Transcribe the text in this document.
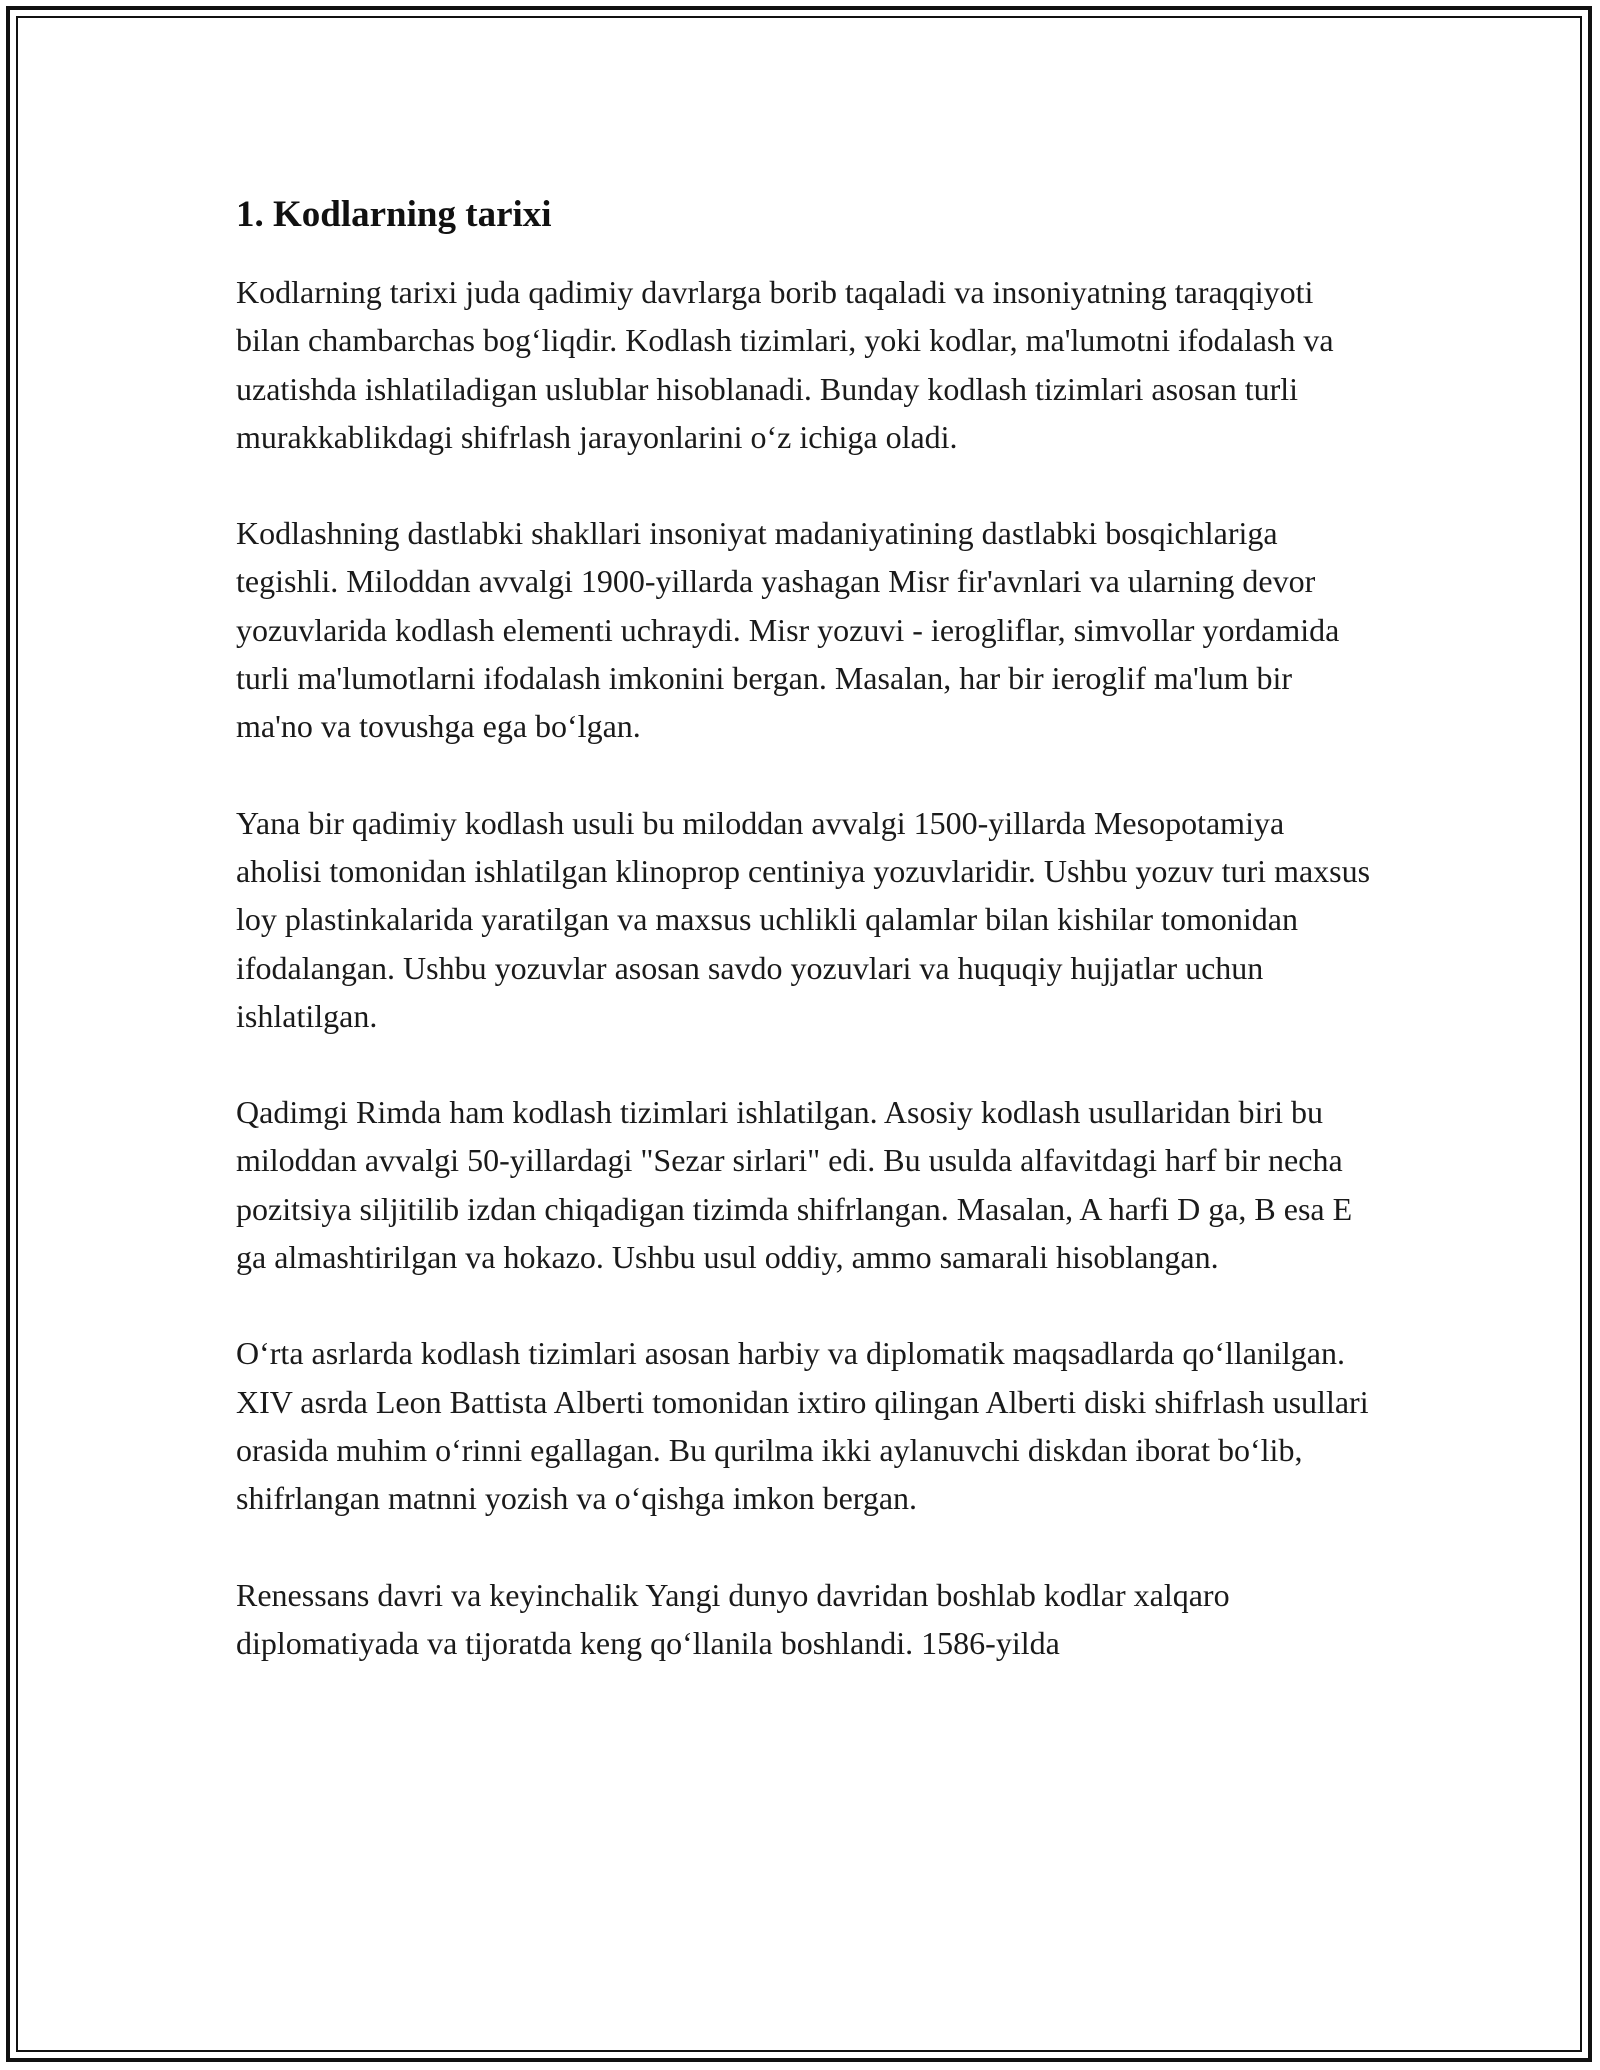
1. Kodlarning tarixi

Kodlarning tarixi juda qadimiy davrlarga borib taqaladi va insoniyatning taraqqiyoti bilan chambarchas bog‘liqdir. Kodlash tizimlari, yoki kodlar, ma'lumotni ifodalash va uzatishda ishlatiladigan uslublar hisoblanadi. Bunday kodlash tizimlari asosan turli murakkablikdagi shifrlash jarayonlarini o‘z ichiga oladi.

Kodlashning dastlabki shakllari insoniyat madaniyatining dastlabki bosqichlariga tegishli. Miloddan avvalgi 1900-yillarda yashagan Misr fir'avnlari va ularning devor yozuvlarida kodlash elementi uchraydi. Misr yozuvi - ierogliflar, simvollar yordamida turli ma'lumotlarni ifodalash imkonini bergan. Masalan, har bir ieroglif ma'lum bir ma'no va tovushga ega bo‘lgan.

Yana bir qadimiy kodlash usuli bu miloddan avvalgi 1500-yillarda Mesopotamiya aholisi tomonidan ishlatilgan klinoprop centiniya yozuvlaridir. Ushbu yozuv turi maxsus loy plastinkalarida yaratilgan va maxsus uchlikli qalamlar bilan kishilar tomonidan ifodalangan. Ushbu yozuvlar asosan savdo yozuvlari va huquqiy hujjatlar uchun ishlatilgan.

Qadimgi Rimda ham kodlash tizimlari ishlatilgan. Asosiy kodlash usullaridan biri bu miloddan avvalgi 50-yillardagi "Sezar sirlari" edi. Bu usulda alfavitdagi harf bir necha pozitsiya siljitilib izdan chiqadigan tizimda shifrlangan. Masalan, A harfi D ga, B esa E ga almashtirilgan va hokazo. Ushbu usul oddiy, ammo samarali hisoblangan.

O‘rta asrlarda kodlash tizimlari asosan harbiy va diplomatik maqsadlarda qo‘llanilgan. XIV asrda Leon Battista Alberti tomonidan ixtiro qilingan Alberti diski shifrlash usullari orasida muhim o‘rinni egallagan. Bu qurilma ikki aylanuvchi diskdan iborat bo‘lib, shifrlangan matnni yozish va o‘qishga imkon bergan.

Renessans davri va keyinchalik Yangi dunyo davridan boshlab kodlar xalqaro diplomatiyada va tijoratda keng qo‘llanila boshlandi. 1586-yilda
